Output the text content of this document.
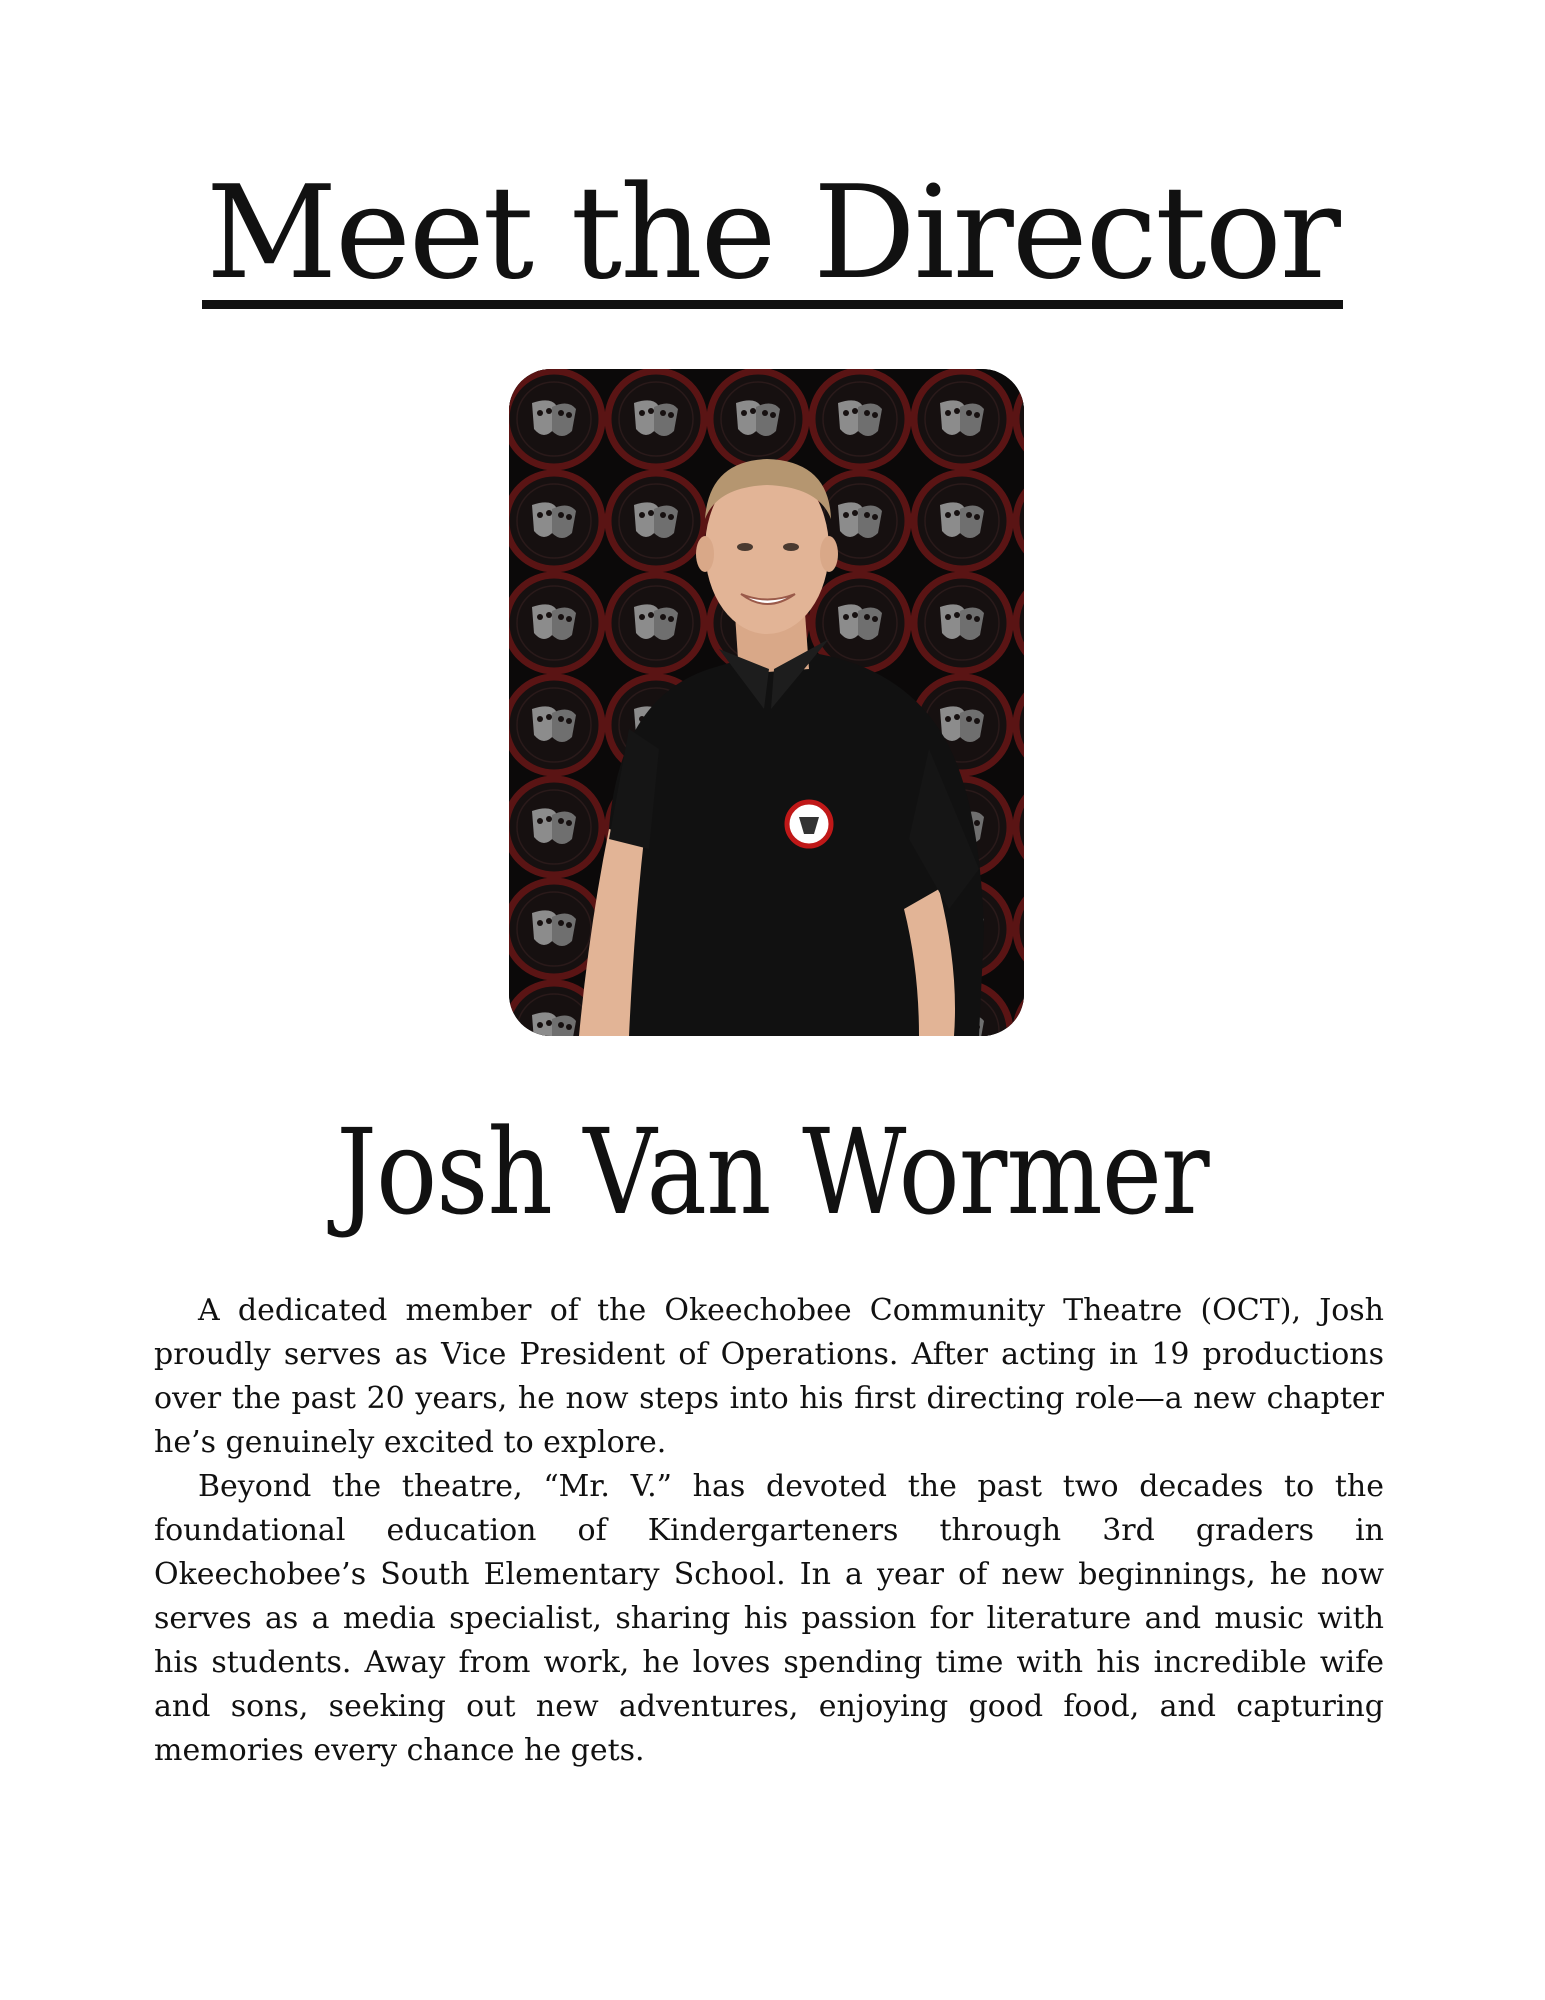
Meet the Director
Josh Van Wormer

A dedicated member of the Okeechobee Community Theatre (OCT), Josh proudly serves as Vice President of Operations. After acting in 19 productions over the past 20 years, he now steps into his first directing role—a new chapter he’s genuinely excited to explore.

Beyond the theatre, “Mr. V.” has devoted the past two decades to the foundational education of Kindergarteners through 3rd graders in Okeechobee’s South Elementary School. In a year of new beginnings, he now serves as a media specialist, sharing his passion for literature and music with his students. Away from work, he loves spending time with his incredible wife and sons, seeking out new adventures, enjoying good food, and capturing memories every chance he gets.
